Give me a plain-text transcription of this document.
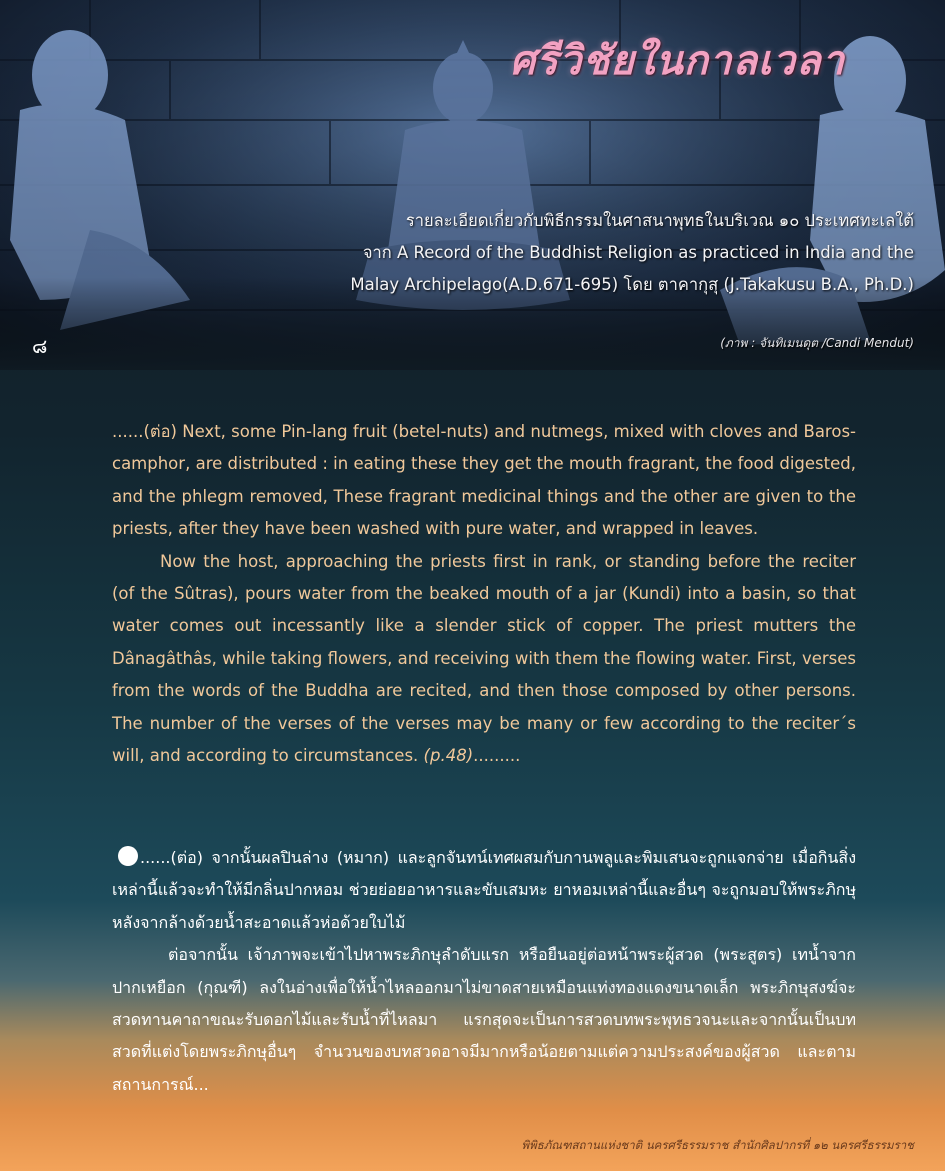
ศรีวิชัยในกาลเวลา
รายละเอียดเกี่ยวกับพิธีกรรมในศาสนาพุทธในบริเวณ ๑๐ ประเทศทะเลใต้
จาก A Record of the Buddhist Religion as practiced in India and the
Malay Archipelago(A.D.671-695) โดย ตาคากุสุ (J.Takakusu B.A., Ph.D.)
๘	(ภาพ : จันทิเมนดุต /Candi Mendut)

......(ต่อ) Next, some Pin-lang fruit (betel-nuts) and nutmegs, mixed with cloves and Baros-camphor, are distributed : in eating these they get the mouth fragrant, the food digested, and the phlegm removed, These fragrant medicinal things and the other are given to the priests, after they have been washed with pure water, and wrapped in leaves.

Now the host, approaching the priests first in rank, or standing before the reciter (of the Sûtras), pours water from the beaked mouth of a jar (Kundi) into a basin, so that water comes out incessantly like a slender stick of copper. The priest mutters the Dânagâthâs, while taking flowers, and receiving with them the flowing water. First, verses from the words of the Buddha are recited, and then those composed by other persons. The number of the verses of the verses may be many or few according to the reciter´s will, and according to circumstances. (p.48).........

......(ต่อ) จากนั้นผลปินล่าง (หมาก) และลูกจันทน์เทศผสมกับกานพลูและพิมเสนจะถูกแจกจ่าย เมื่อกินสิ่งเหล่านี้แล้วจะทำให้มีกลิ่นปากหอม ช่วยย่อยอาหารและขับเสมหะ ยาหอมเหล่านี้และอื่นๆ จะถูกมอบให้พระภิกษุหลังจากล้างด้วยน้ำสะอาดแล้วห่อด้วยใบไม้

ต่อจากนั้น เจ้าภาพจะเข้าไปหาพระภิกษุลำดับแรก หรือยืนอยู่ต่อหน้าพระผู้สวด (พระสูตร) เทน้ำจากปากเหยือก (กุณฑี) ลงในอ่างเพื่อให้น้ำไหลออกมาไม่ขาดสายเหมือนแท่งทองแดงขนาดเล็ก พระภิกษุสงฆ์จะสวดทานคาถาขณะรับดอกไม้และรับน้ำที่ไหลมา แรกสุดจะเป็นการสวดบทพระพุทธวจนะและจากนั้นเป็นบทสวดที่แต่งโดยพระภิกษุอื่นๆ จำนวนของบทสวดอาจมีมากหรือน้อยตามแต่ความประสงค์ของผู้สวด และตามสถานการณ์...

พิพิธภัณฑสถานแห่งชาติ นครศรีธรรมราช สำนักศิลปากรที่ ๑๒ นครศรีธรรมราช
